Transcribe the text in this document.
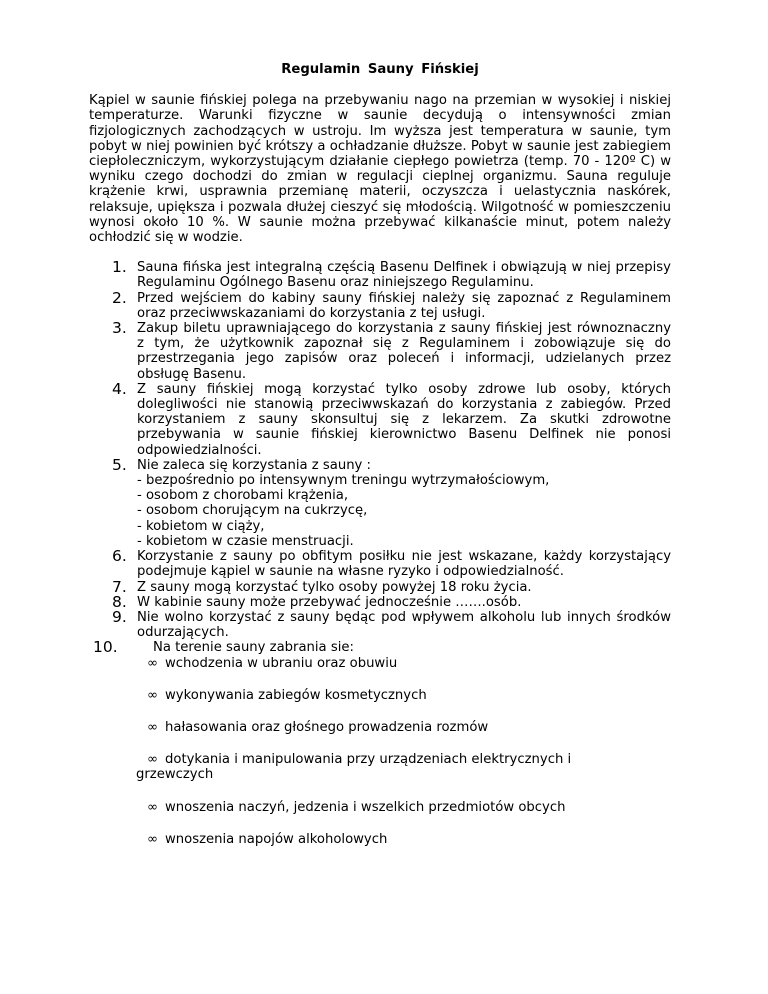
Regulamin Sauny Fińskiej
Kąpiel w saunie fińskiej polega na przebywaniu nago na przemian w wysokiej i niskiej temperaturze. Warunki fizyczne w saunie decydują o intensywności zmian fizjologicznych zachodzących w ustroju. Im wyższa jest temperatura w saunie, tym pobyt w niej powinien być krótszy a ochładzanie dłuższe. Pobyt w saunie jest zabiegiem ciepłoleczniczym, wykorzystującym działanie ciepłego powietrza (temp. 70 - 120º C) w wyniku czego dochodzi do zmian w regulacji cieplnej organizmu. Sauna reguluje krążenie krwi, usprawnia przemianę materii, oczyszcza i uelastycznia naskórek, relaksuje, upiększa i pozwala dłużej cieszyć się młodością. Wilgotność w pomieszczeniu wynosi około 10 %. W saunie można przebywać kilkanaście minut, potem należy ochłodzić się w wodzie.
1. Sauna fińska jest integralną częścią Basenu Delfinek i obwiązują w niej przepisy Regulaminu Ogólnego Basenu oraz niniejszego Regulaminu.
2. Przed wejściem do kabiny sauny fińskiej należy się zapoznać z Regulaminem oraz przeciwwskazaniami do korzystania z tej usługi.
3. Zakup biletu uprawniającego do korzystania z sauny fińskiej jest równoznaczny z tym, że użytkownik zapoznał się z Regulaminem i zobowiązuje się do przestrzegania jego zapisów oraz poleceń i informacji, udzielanych przez obsługę Basenu.
4. Z sauny fińskiej mogą korzystać tylko osoby zdrowe lub osoby, których dolegliwości nie stanowią przeciwwskazań do korzystania z zabiegów. Przed korzystaniem z sauny skonsultuj się z lekarzem. Za skutki zdrowotne przebywania w saunie fińskiej kierownictwo Basenu Delfinek nie ponosi odpowiedzialności.
5. Nie zaleca się korzystania z sauny :
- bezpośrednio po intensywnym treningu wytrzymałościowym,
- osobom z chorobami krążenia,
- osobom chorującym na cukrzycę,
- kobietom w ciąży,
- kobietom w czasie menstruacji.
6. Korzystanie z sauny po obfitym posiłku nie jest wskazane, każdy korzystający podejmuje kąpiel w saunie na własne ryzyko i odpowiedzialność.
7. Z sauny mogą korzystać tylko osoby powyżej 18 roku życia.
8. W kabinie sauny może przebywać jednocześnie …….osób.
9. Nie wolno korzystać z sauny będąc pod wpływem alkoholu lub innych środków odurzających.
10.	Na terenie sauny zabrania sie:
∞ wchodzenia w ubraniu oraz obuwiu
∞ wykonywania zabiegów kosmetycznych
∞ hałasowania oraz głośnego prowadzenia rozmów
∞ dotykania i manipulowania przy urządzeniach elektrycznych i
grzewczych
∞ wnoszenia naczyń, jedzenia i wszelkich przedmiotów obcych
∞ wnoszenia napojów alkoholowych
